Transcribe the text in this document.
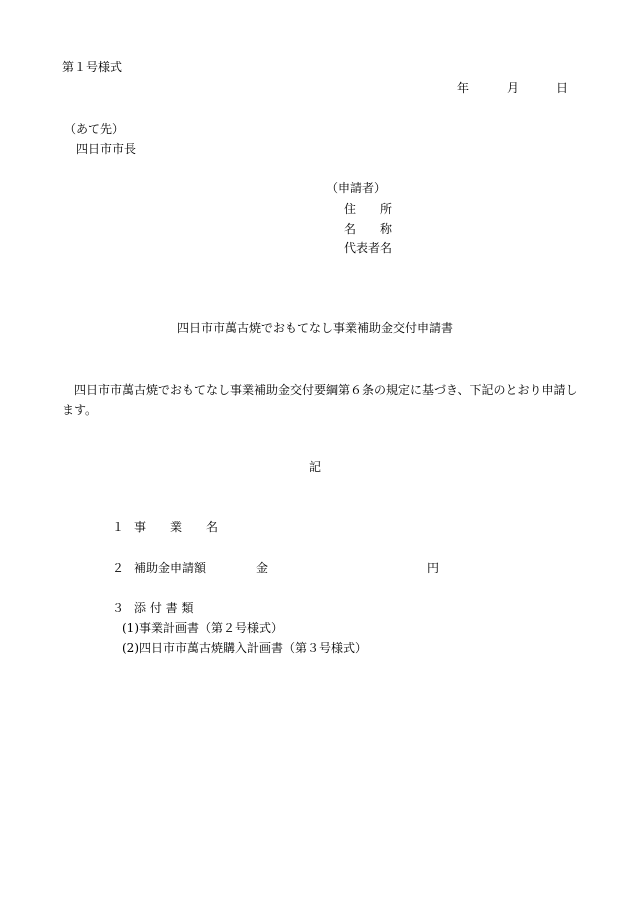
第１号様式
年	月	日
（あて先）
四日市市長
（申請者）
住　　所
名　　称
代表者名
四日市市萬古焼でおもてなし事業補助金交付申請書
四日市市萬古焼でおもてなし事業補助金交付要綱第６条の規定に基づき、下記のとおり申請します。
記
１ 事　　業　　名
２ 補助金申請額	金	円
３ 添 付 書 類
(1)事業計画書（第２号様式）
(2)四日市市萬古焼購入計画書（第３号様式）
